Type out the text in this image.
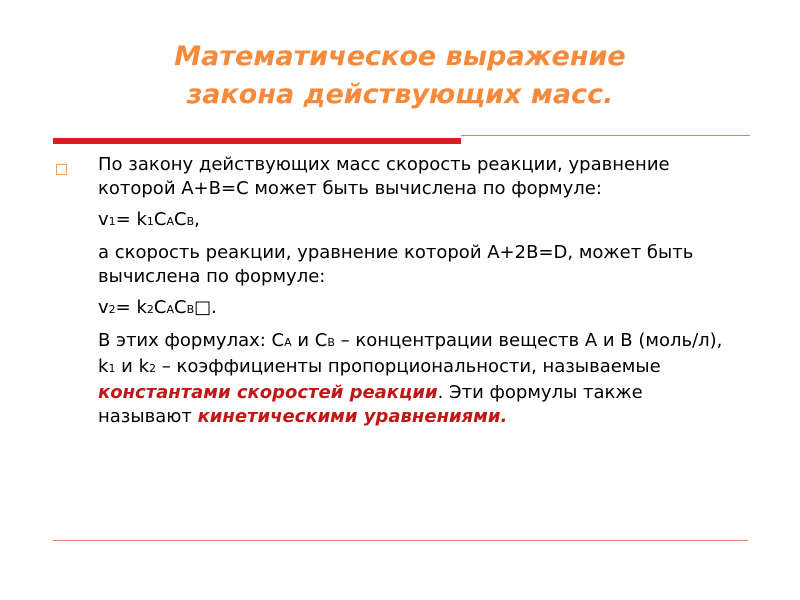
Математическое выражение
закона действующих масс.

По закону действующих масс скорость реакции, уравнение которой А+В=С может быть вычислена по формуле:

v1= k1CACB,

а скорость реакции, уравнение которой А+2В=D, может быть вычислена по формуле:

v2= k2CACB□.

В этих формулах: СA и СB – концентрации веществ А и В (моль/л), k1 и k2 – коэффициенты пропорциональности, называемые константами скоростей реакции. Эти формулы также называют кинетическими уравнениями.
